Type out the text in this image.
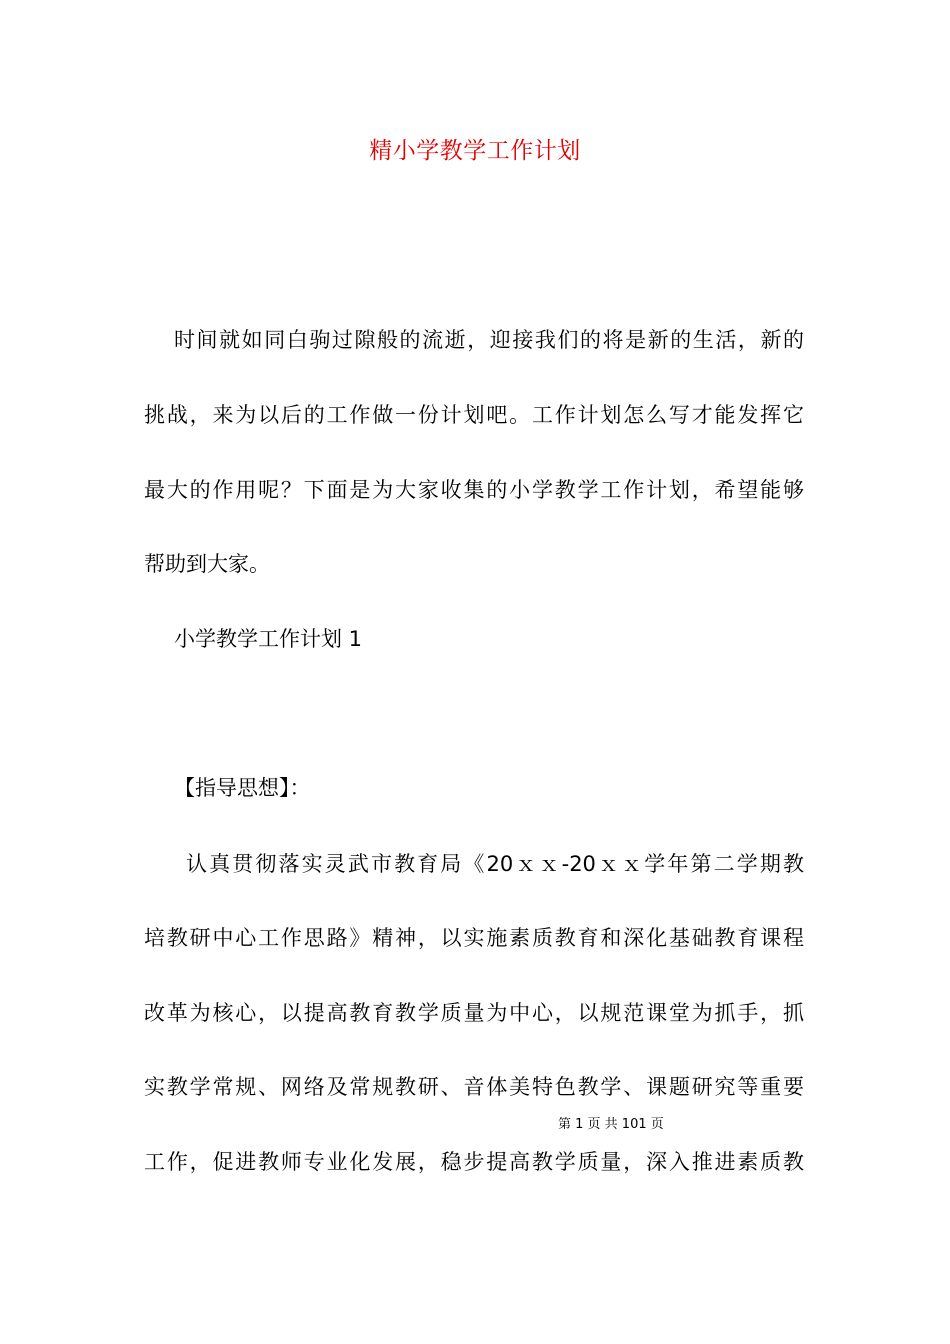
精小学教学工作计划
时间就如同白驹过隙般的流逝，迎接我们的将是新的生活，新的
挑战，来为以后的工作做一份计划吧。工作计划怎么写才能发挥它
最大的作用呢？下面是为大家收集的小学教学工作计划，希望能够
帮助到大家。
小学教学工作计划 1
【指导思想】：
认真贯彻落实灵武市教育局《20ｘｘ-20ｘｘ学年第二学期教
培教研中心工作思路》精神，以实施素质教育和深化基础教育课程
改革为核心，以提高教育教学质量为中心，以规范课堂为抓手，抓
实教学常规、网络及常规教研、音体美特色教学、课题研究等重要
第 1 页 共 101 页
工作，促进教师专业化发展，稳步提高教学质量，深入推进素质教
